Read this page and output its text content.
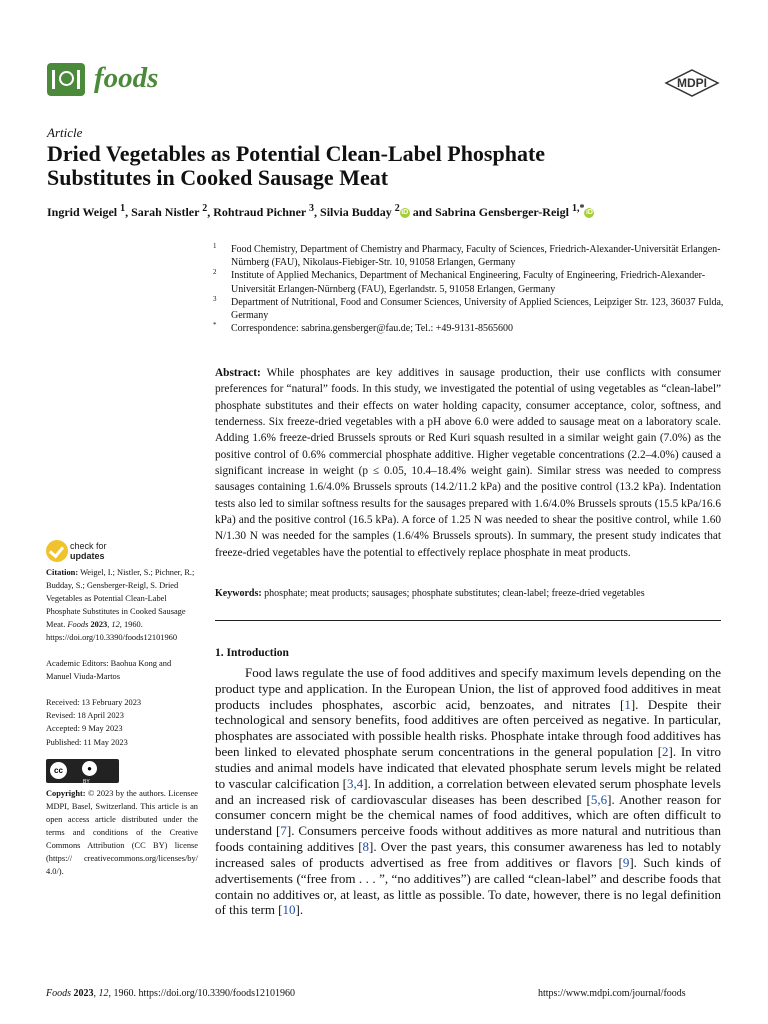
foods	MDPI
Article
Dried Vegetables as Potential Clean-Label Phosphate Substitutes in Cooked Sausage Meat
Ingrid Weigel $^1$, Sarah Nistler $^2$, Rohtraud Pichner $^3$, Silvia Budday $^2$ iD and Sabrina Gensberger-Reigl $^{1,*}$ iD
1 Food Chemistry, Department of Chemistry and Pharmacy, Faculty of Sciences, Friedrich-Alexander-Universität Erlangen-Nürnberg (FAU), Nikolaus-Fiebiger-Str. 10, 91058 Erlangen, Germany
2 Institute of Applied Mechanics, Department of Mechanical Engineering, Faculty of Engineering, Friedrich-Alexander-Universität Erlangen-Nürnberg (FAU), Egerlandstr. 5, 91058 Erlangen, Germany
3 Department of Nutritional, Food and Consumer Sciences, University of Applied Sciences, Leipziger Str. 123, 36037 Fulda, Germany
* Correspondence: sabrina.gensberger@fau.de; Tel.: +49-9131-8565600
Abstract: While phosphates are key additives in sausage production, their use conflicts with consumer preferences for “natural” foods. In this study, we investigated the potential of using vegetables as “clean-label” phosphate substitutes and their effects on water holding capacity, consumer acceptance, color, softness, and tenderness. Six freeze-dried vegetables with a pH above 6.0 were added to sausage meat on a laboratory scale. Adding 1.6% freeze-dried Brussels sprouts or Red Kuri squash resulted in a similar weight gain (7.0%) as the positive control of 0.6% commercial phosphate additive. Higher vegetable concentrations (2.2–4.0%) caused a significant increase in weight (p ≤ 0.05, 10.4–18.4% weight gain). Similar stress was needed to compress sausages containing 1.6/4.0% Brussels sprouts (14.2/11.2 kPa) and the positive control (13.2 kPa). Indentation tests also led to similar softness results for the sausages prepared with 1.6/4.0% Brussels sprouts (15.5 kPa/16.6 kPa) and the positive control (16.5 kPa). A force of 1.25 N was needed to shear the positive control, while 1.60 N/1.30 N was needed for the samples (1.6/4% Brussels sprouts). In summary, the present study indicates that freeze-dried vegetables have the potential to effectively replace phosphate in meat products.
Keywords: phosphate; meat products; sausages; phosphate substitutes; clean-label; freeze-dried vegetables
1. Introduction
Food laws regulate the use of food additives and specify maximum levels depending on the product type and application. In the European Union, the list of approved food additives in meat products includes phosphates, ascorbic acid, benzoates, and nitrates [1]. Despite their technological and sensory benefits, food additives are often perceived as negative. In particular, phosphates are associated with possible health risks. Phosphate intake through food additives has been linked to elevated phosphate serum concentrations in the general population [2]. In vitro studies and animal models have indicated that elevated phosphate serum levels might be related to vascular calcification [3,4]. In addition, a correlation between elevated serum phosphate levels and an increased risk of cardiovascular diseases has been described [5,6]. Another reason for consumer concern might be the chemical names of food additives, which are often difficult to understand [7]. Consumers perceive foods without additives as more natural and nutritious than foods containing additives [8]. Over the past years, this consumer awareness has led to notably increased sales of products advertised as free from additives or flavors [9]. Such kinds of advertisements (“free from . . . ”, “no additives”) are called “clean-label” and describe foods that contain no additives or, at least, as little as possible. To date, however, there is no legal definition of this term [10].
check for
updates

Citation: Weigel, I.; Nistler, S.; Pichner, R.; Budday, S.; Gensberger-Reigl, S. Dried Vegetables as Potential Clean-Label Phosphate Substitutes in Cooked Sausage Meat. Foods 2023, 12, 1960. https://doi.org/10.3390/foods12101960

Academic Editors: Baohua Kong and Manuel Viuda-Martos

Received: 13 February 2023

Revised: 18 April 2023

Accepted: 9 May 2023

Published: 11 May 2023

cc	●
BY

Copyright: © 2023 by the authors. Licensee MDPI, Basel, Switzerland. This article is an open access article distributed under the terms and conditions of the Creative Commons Attribution (CC BY) license (https:// creativecommons.org/licenses/by/ 4.0/).

Foods 2023, 12, 1960. https://doi.org/10.3390/foods12101960	https://www.mdpi.com/journal/foods
